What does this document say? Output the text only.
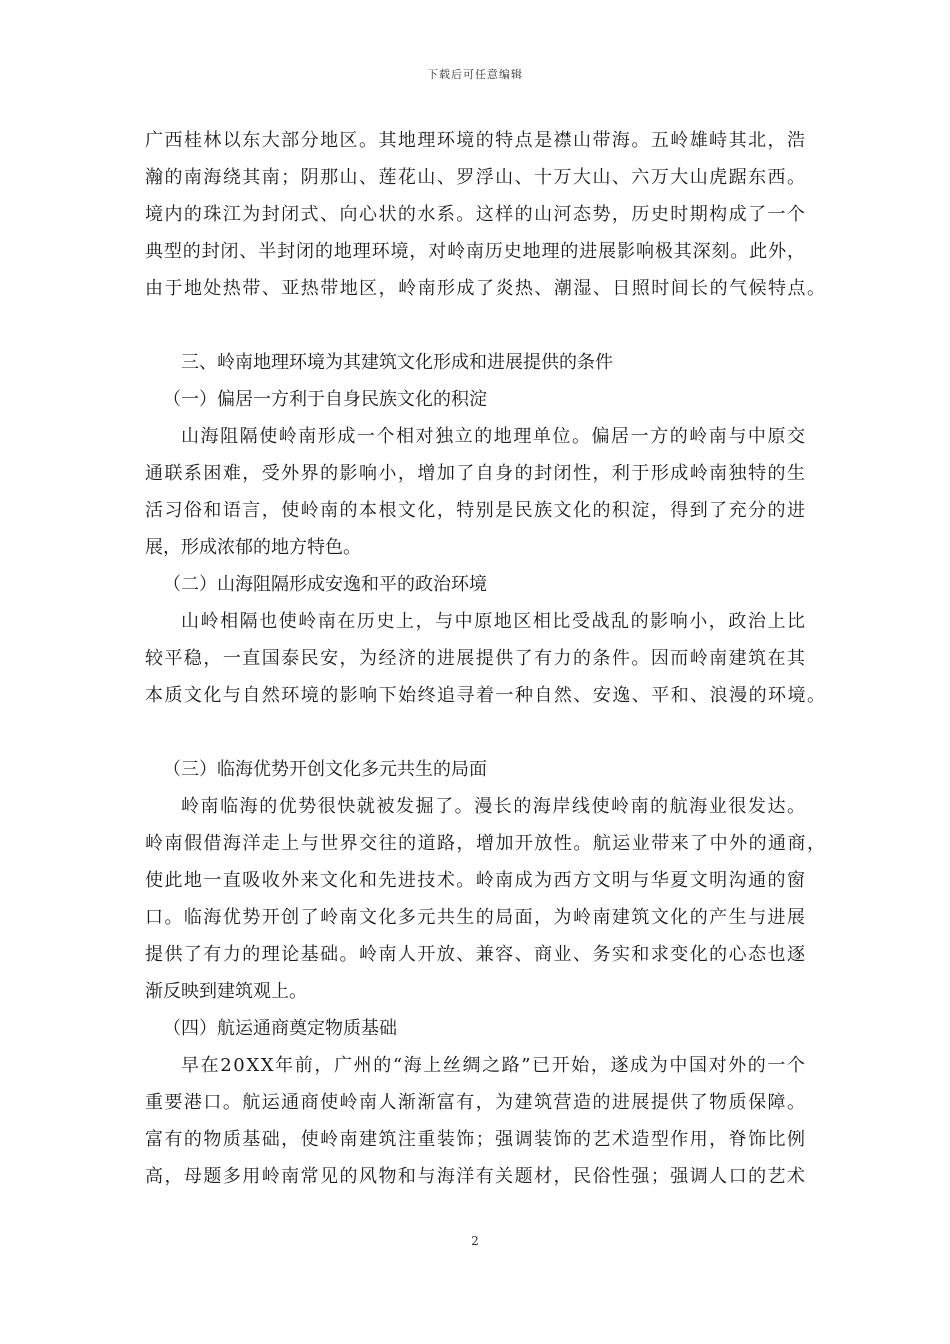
下载后可任意编辑
广西桂林以东大部分地区。其地理环境的特点是襟山带海。五岭雄峙其北，浩
瀚的南海绕其南；阴那山、莲花山、罗浮山、十万大山、六万大山虎踞东西。
境内的珠江为封闭式、向心状的水系。这样的山河态势，历史时期构成了一个
典型的封闭、半封闭的地理环境，对岭南历史地理的进展影响极其深刻。此外，
由于地处热带、亚热带地区，岭南形成了炎热、潮湿、日照时间长的气候特点。
三、岭南地理环境为其建筑文化形成和进展提供的条件
（一）偏居一方利于自身民族文化的积淀
山海阻隔使岭南形成一个相对独立的地理单位。偏居一方的岭南与中原交
通联系困难，受外界的影响小，增加了自身的封闭性，利于形成岭南独特的生
活习俗和语言，使岭南的本根文化，特别是民族文化的积淀，得到了充分的进
展，形成浓郁的地方特色。
（二）山海阻隔形成安逸和平的政治环境
山岭相隔也使岭南在历史上，与中原地区相比受战乱的影响小，政治上比
较平稳，一直国泰民安，为经济的进展提供了有力的条件。因而岭南建筑在其
本质文化与自然环境的影响下始终追寻着一种自然、安逸、平和、浪漫的环境。
（三）临海优势开创文化多元共生的局面
岭南临海的优势很快就被发掘了。漫长的海岸线使岭南的航海业很发达。
岭南假借海洋走上与世界交往的道路，增加开放性。航运业带来了中外的通商，
使此地一直吸收外来文化和先进技术。岭南成为西方文明与华夏文明沟通的窗
口。临海优势开创了岭南文化多元共生的局面，为岭南建筑文化的产生与进展
提供了有力的理论基础。岭南人开放、兼容、商业、务实和求变化的心态也逐
渐反映到建筑观上。
（四）航运通商奠定物质基础
早在20XX年前，广州的“海上丝绸之路”已开始，遂成为中国对外的一个
重要港口。航运通商使岭南人渐渐富有，为建筑营造的进展提供了物质保障。
富有的物质基础，使岭南建筑注重装饰；强调装饰的艺术造型作用，脊饰比例
高，母题多用岭南常见的风物和与海洋有关题材，民俗性强；强调人口的艺术
2
